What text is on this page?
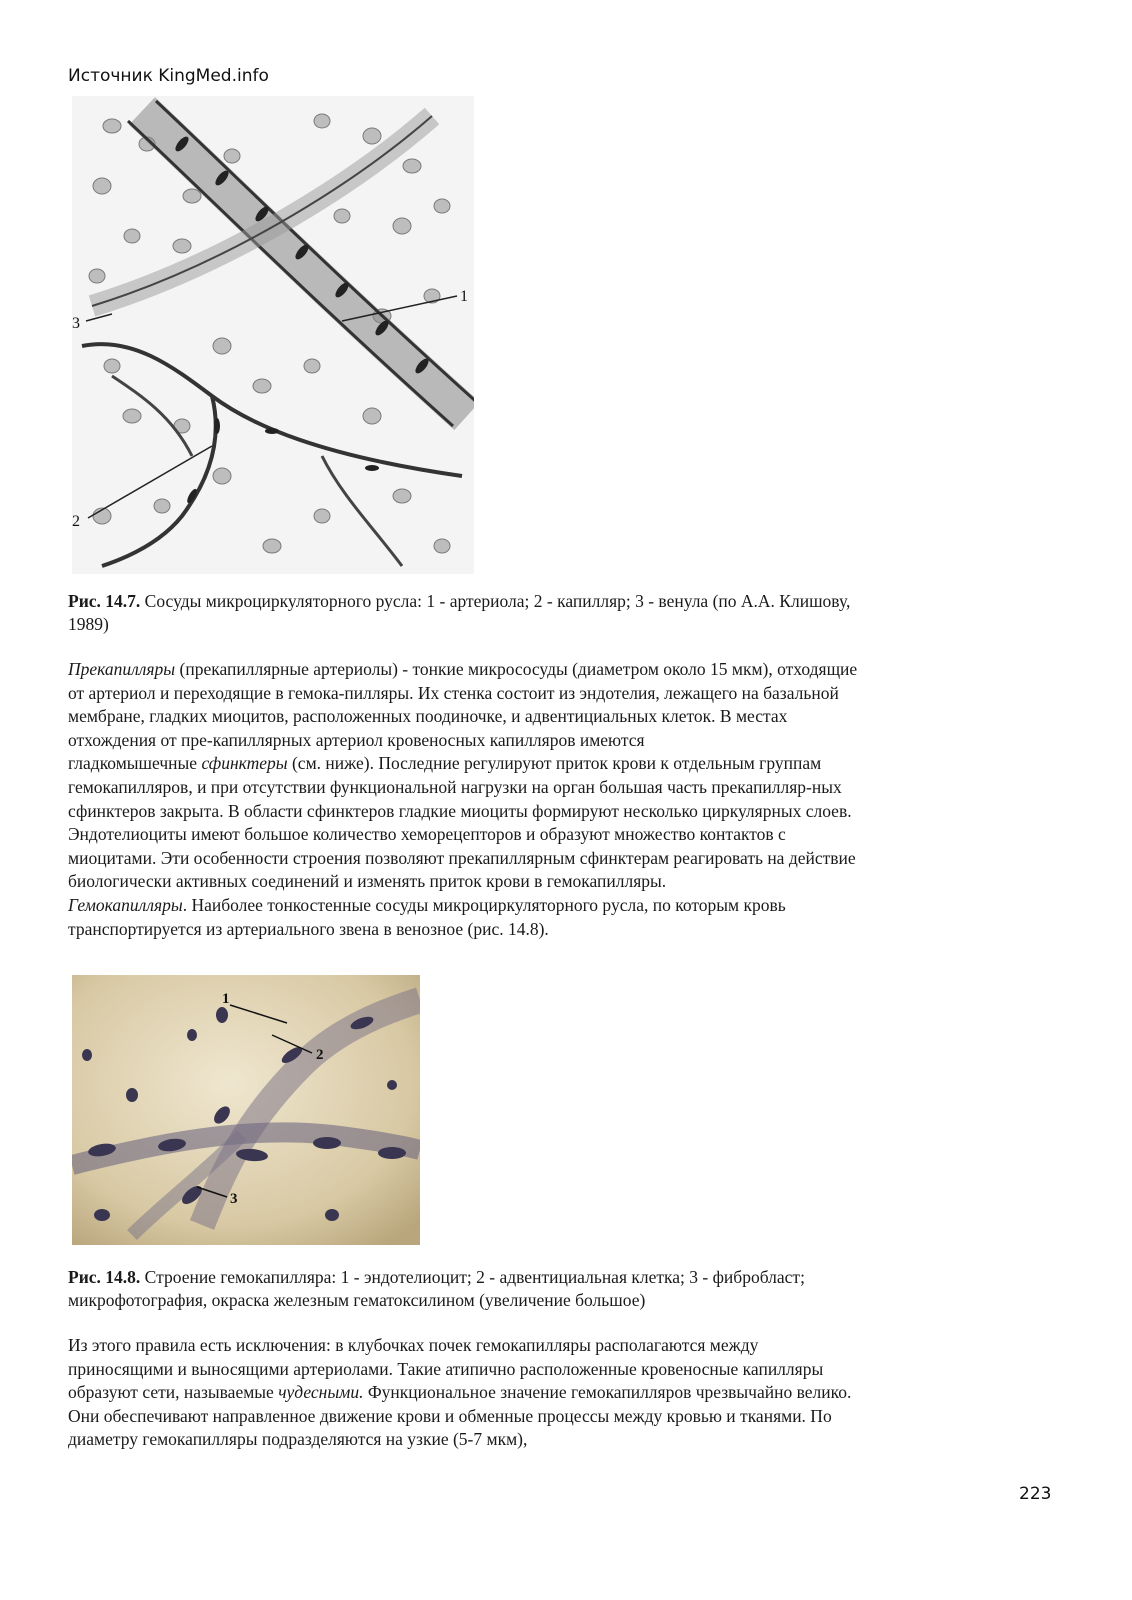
Источник KingMed.info
1
2
3
Рис. 14.7. Сосуды микроциркуляторного русла: 1 - артериола; 2 - капилляр; 3 - венула (по А.А. Клишову,
1989)
Прекапилляры (прекапиллярные артериолы) - тонкие микрососуды (диаметром около 15 мкм), отходящие
от артериол и переходящие в гемока-пилляры. Их стенка состоит из эндотелия, лежащего на базальной
мембране, гладких миоцитов, расположенных поодиночке, и адвентициальных клеток. В местах
отхождения от пре-капиллярных артериол кровеносных капилляров имеются
гладкомышечные сфинктеры (см. ниже). Последние регулируют приток крови к отдельным группам
гемокапилляров, и при отсутствии функциональной нагрузки на орган большая часть прекапилляр-ных
сфинктеров закрыта. В области сфинктеров гладкие миоциты формируют несколько циркулярных слоев.
Эндотелиоциты имеют большое количество хеморецепторов и образуют множество контактов с
миоцитами. Эти особенности строения позволяют прекапиллярным сфинктерам реагировать на действие
биологически активных соединений и изменять приток крови в гемокапилляры.
Гемокапилляры. Наиболее тонкостенные сосуды микроциркуляторного русла, по которым кровь
транспортируется из артериального звена в венозное (рис. 14.8).
1
2
3
Рис. 14.8. Строение гемокапилляра: 1 - эндотелиоцит; 2 - адвентициальная клетка; 3 - фибробласт;
микрофотография, окраска железным гематоксилином (увеличение большое)
Из этого правила есть исключения: в клубочках почек гемокапилляры располагаются между
приносящими и выносящими артериолами. Такие атипично расположенные кровеносные капилляры
образуют сети, называемые чудесными. Функциональное значение гемокапилляров чрезвычайно велико.
Они обеспечивают направленное движение крови и обменные процессы между кровью и тканями. По
диаметру гемокапилляры подразделяются на узкие (5-7 мкм),
223
